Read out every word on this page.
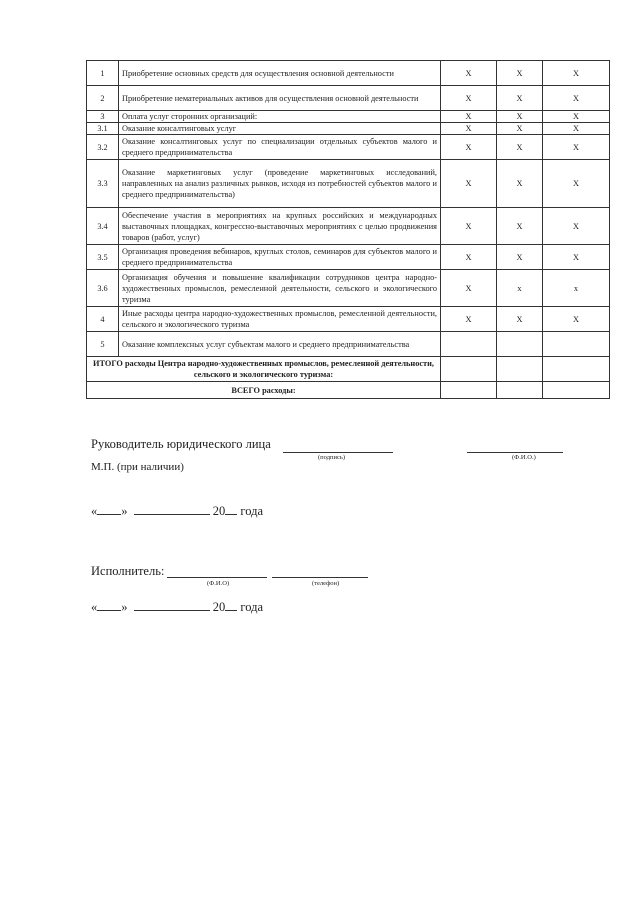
1	Приобретение основных средств для осуществления основной деятельности	X	X	X
2	Приобретение нематериальных активов для осуществления основной деятельности	X	X	X
3	Оплата услуг сторонних организаций:	X	X	X
3.1	Оказание консалтинговых услуг	X	X	X
3.2	Оказание консалтинговых услуг по специализации отдельных субъектов малого и среднего предпринимательства	X	X	X
3.3	Оказание маркетинговых услуг (проведение маркетинговых исследований, направленных на анализ различных рынков, исходя из потребностей субъектов малого и среднего предпринимательства)	X	X	X
3.4	Обеспечение участия в мероприятиях на крупных российских и международных выставочных площадках, конгрессно-выставочных мероприятиях с целью продвижения товаров (работ, услуг)	X	X	X
3.5	Организация проведения вебинаров, круглых столов, семинаров для субъектов малого и среднего предпринимательства	X	X	X
3.6	Организация обучения и повышение квалификации сотрудников центра народно-художественных промыслов, ремесленной деятельности, сельского и экологического туризма	X	x	x
4	Иные расходы центра народно-художественных промыслов, ремесленной деятельности, сельского и экологического туризма	X	X	X
5	Оказание комплексных услуг субъектам малого и среднего предпринимательства			
ИТОГО расходы Центра народно-художественных промыслов, ремесленной деятельности, сельского и экологического туризма:				
ВСЕГО расходы:				
Руководитель юридического лица
(подпись)	(Ф.И.О.)
М.П. (при наличии)
« »	20 года
Исполнитель:
(Ф.И.О)	(телефон)
« »	20 года
